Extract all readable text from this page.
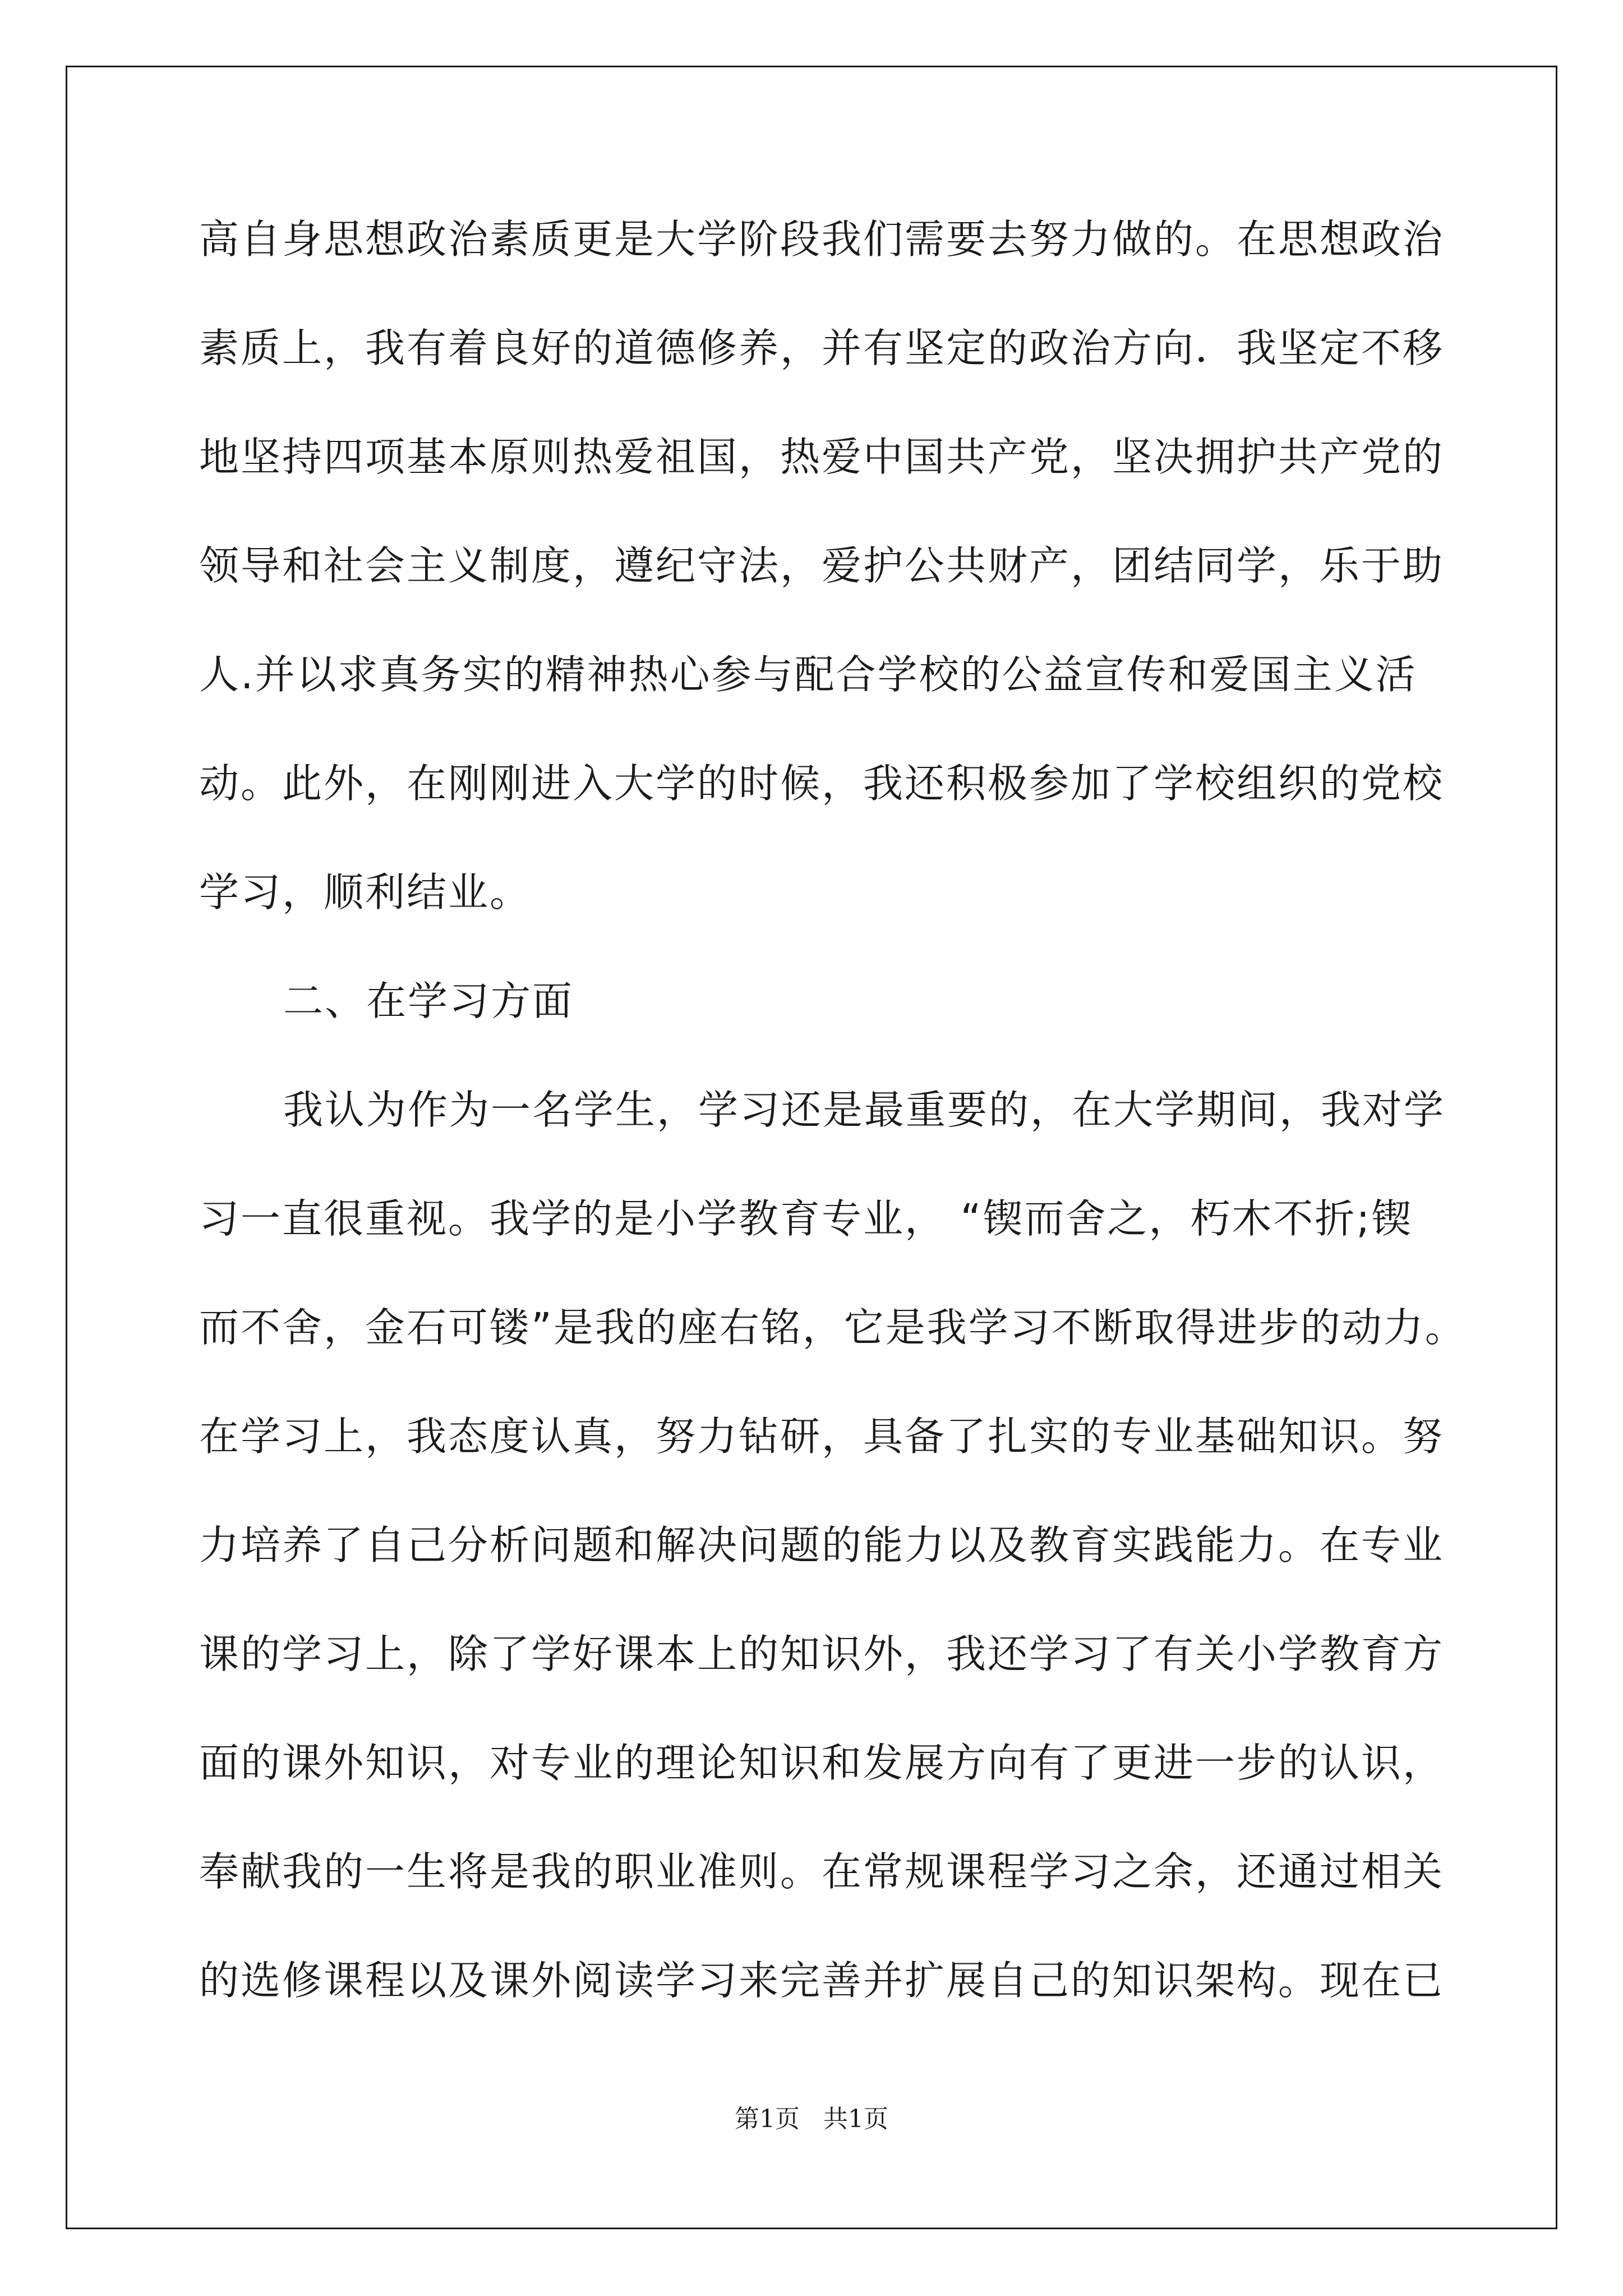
高自身思想政治素质更是大学阶段我们需要去努力做的。在思想政治
素质上，我有着良好的道德修养，并有坚定的政治方向．我坚定不移
地坚持四项基本原则热爱祖国，热爱中国共产党，坚决拥护共产党的
领导和社会主义制度，遵纪守法，爱护公共财产，团结同学，乐于助
人.并以求真务实的精神热心参与配合学校的公益宣传和爱国主义活
动。此外，在刚刚进入大学的时候，我还积极参加了学校组织的党校
学习，顺利结业。
二、在学习方面
我认为作为一名学生，学习还是最重要的，在大学期间，我对学
习一直很重视。我学的是小学教育专业， “锲而舍之，朽木不折;锲
而不舍，金石可镂”是我的座右铭，它是我学习不断取得进步的动力。
在学习上，我态度认真，努力钻研，具备了扎实的专业基础知识。努
力培养了自己分析问题和解决问题的能力以及教育实践能力。在专业
课的学习上，除了学好课本上的知识外，我还学习了有关小学教育方
面的课外知识，对专业的理论知识和发展方向有了更进一步的认识，
奉献我的一生将是我的职业准则。在常规课程学习之余，还通过相关
的选修课程以及课外阅读学习来完善并扩展自己的知识架构。现在已
第1页   共1页
